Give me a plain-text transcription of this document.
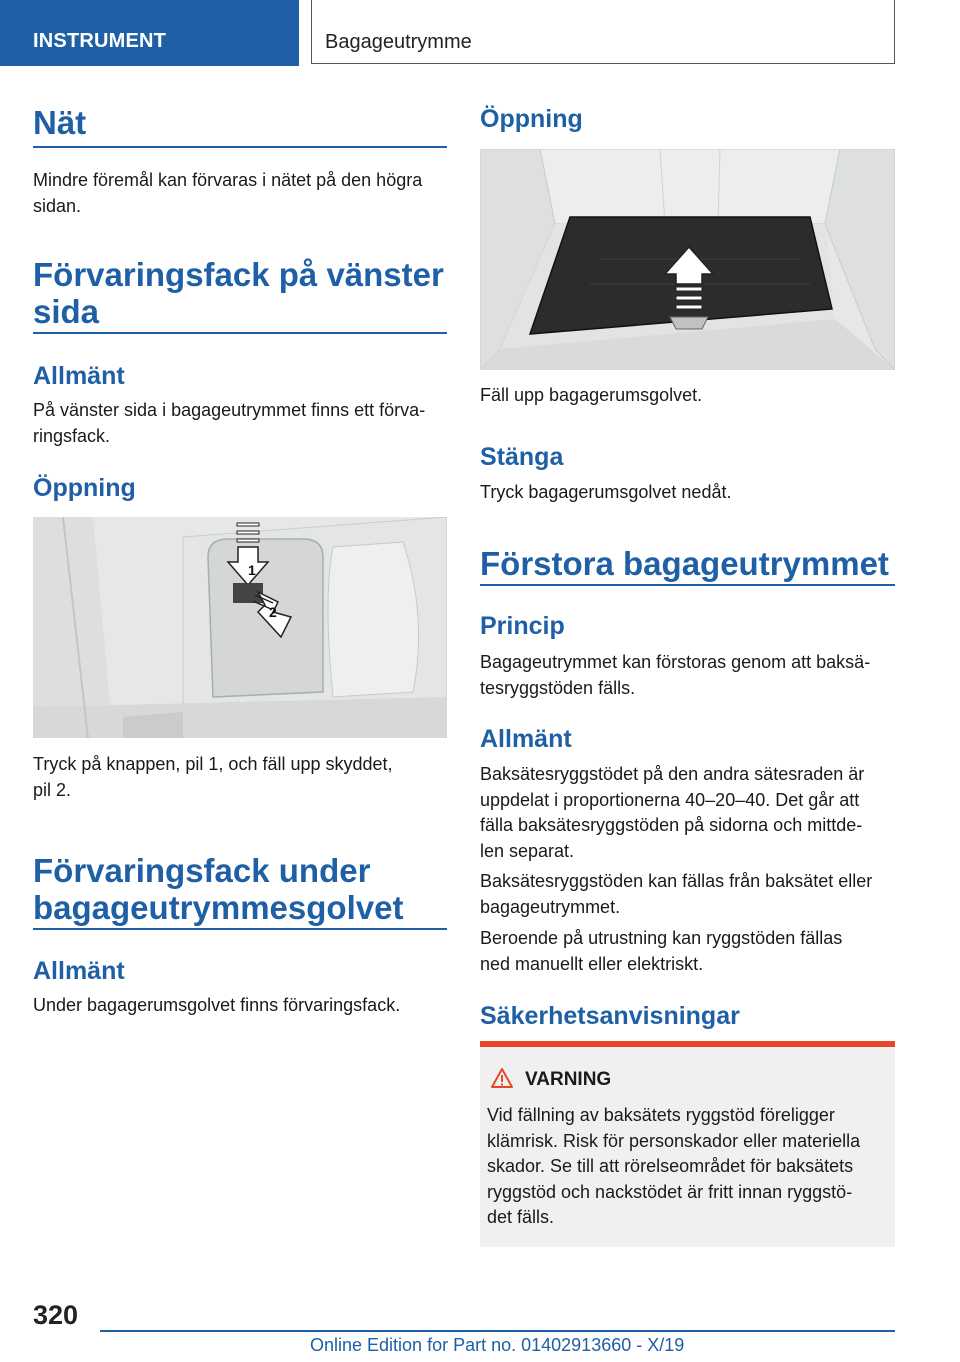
INSTRUMENT	Bagageutrymme
Nät

Mindre föremål kan förvaras i nätet på den högra
sidan.

Förvaringsfack på vänster
sida
Allmänt

På vänster sida i bagageutrymmet finns ett förva‐
ringsfack.

Öppning
1
2

Tryck på knappen, pil 1, och fäll upp skyddet,
pil 2.

Förvaringsfack under
bagageutrymmesgolvet
Allmänt

Under bagagerumsgolvet finns förvaringsfack.

Öppning

Fäll upp bagagerumsgolvet.

Stänga

Tryck bagagerumsgolvet nedåt.

Förstora bagageutrymmet
Princip

Bagageutrymmet kan förstoras genom att baksä‐
tesryggstöden fälls.

Allmänt

Baksätesryggstödet på den andra sätesraden är
uppdelat i proportionerna 40–20–40. Det går att
fälla baksätesryggstöden på sidorna och mittde‐
len separat.

Baksätesryggstöden kan fällas från baksätet eller
bagageutrymmet.

Beroende på utrustning kan ryggstöden fällas
ned manuellt eller elektriskt.

Säkerhetsanvisningar
VARNING

Vid fällning av baksätets ryggstöd föreligger
klämrisk. Risk för personskador eller materiella
skador. Se till att rörelseområdet för baksätets
ryggstöd och nackstödet är fritt innan ryggstö‐
det fälls.

320
Online Edition for Part no. 01402913660 - X/19
